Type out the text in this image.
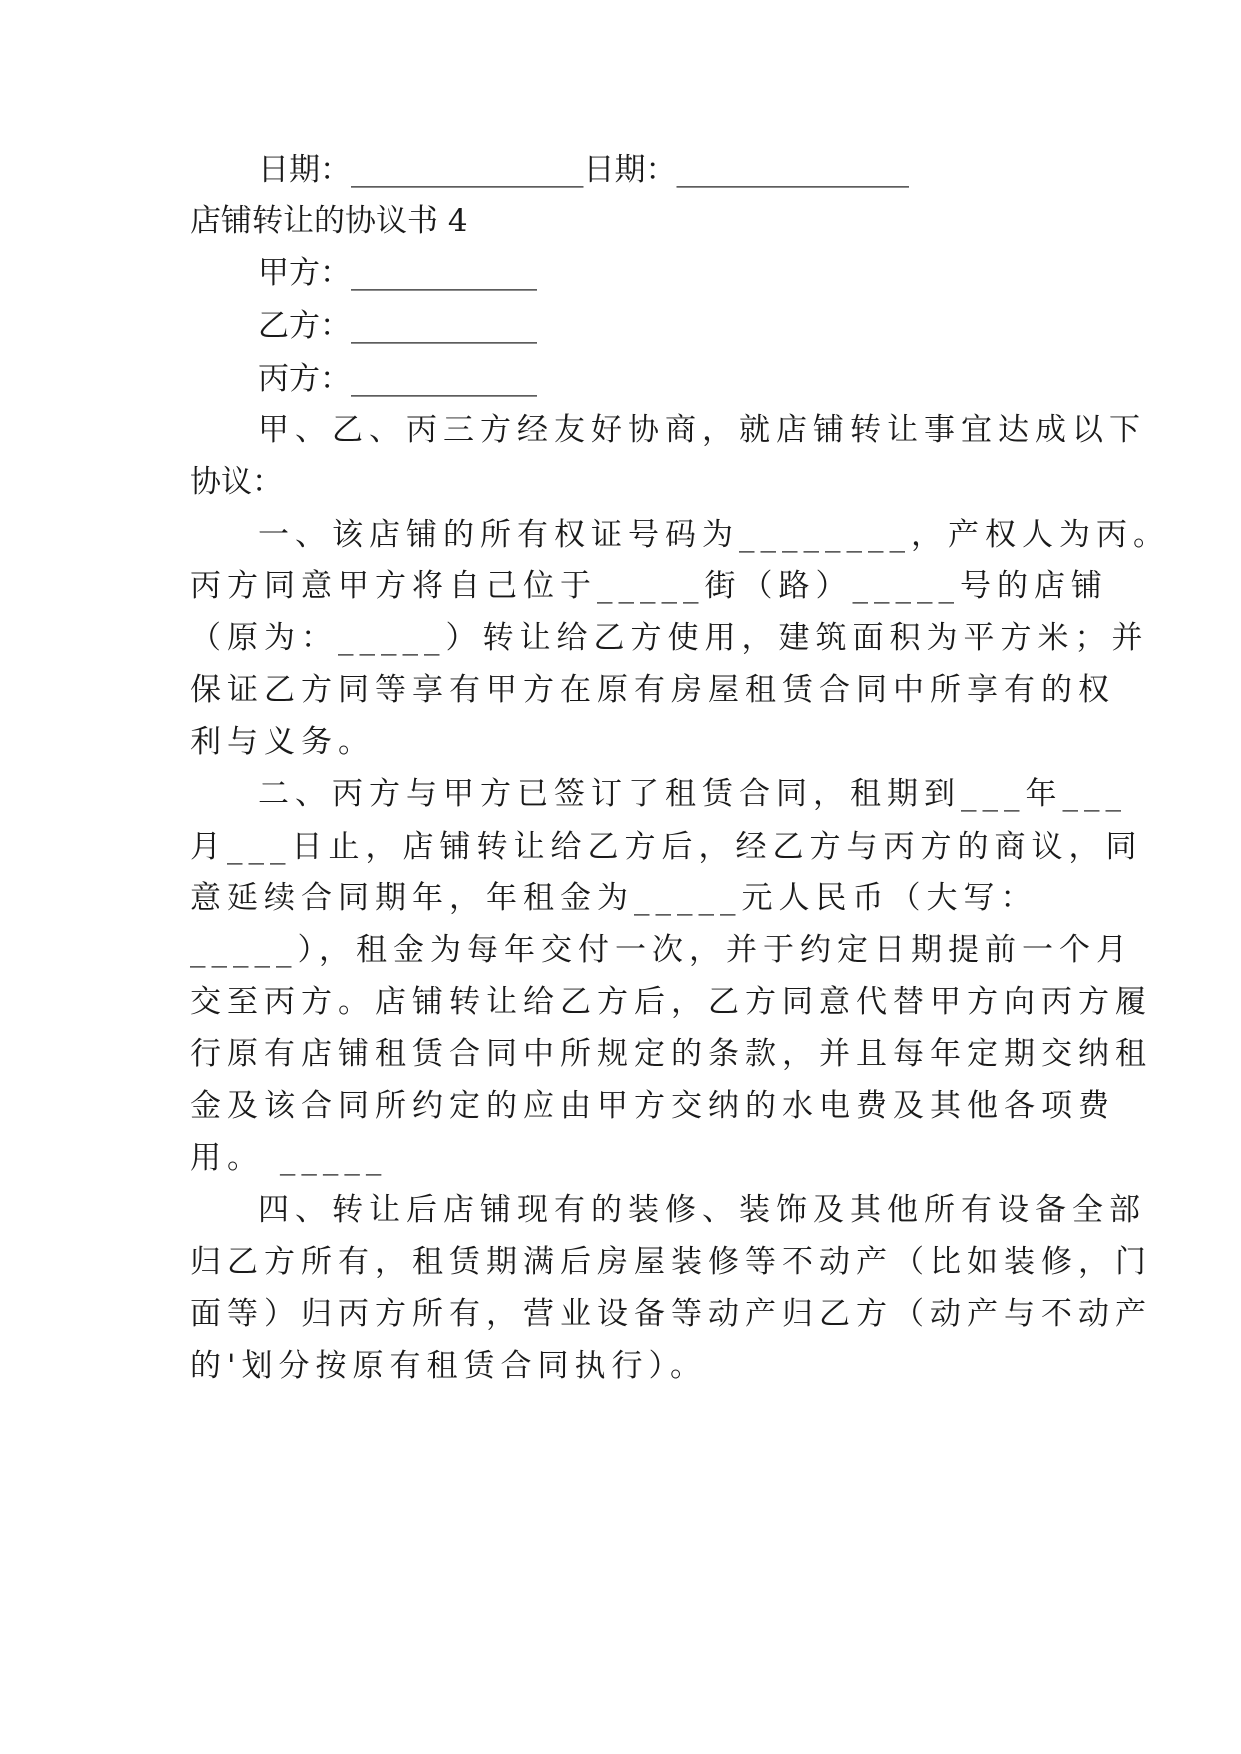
日期：_______________日期：_______________
店铺转让的协议书 4
甲方：____________
乙方：____________
丙方：____________
甲、乙、丙三方经友好协商，就店铺转让事宜达成以下
协议：
一、该店铺的所有权证号码为________，产权人为丙。
丙方同意甲方将自己位于_____街（路）_____号的店铺
（原为：_____）转让给乙方使用，建筑面积为平方米；并
保证乙方同等享有甲方在原有房屋租赁合同中所享有的权
利与义务。
二、丙方与甲方已签订了租赁合同，租期到___年___
月___日止，店铺转让给乙方后，经乙方与丙方的商议，同
意延续合同期年，年租金为_____元人民币（大写：
_____），租金为每年交付一次，并于约定日期提前一个月
交至丙方。店铺转让给乙方后，乙方同意代替甲方向丙方履
行原有店铺租赁合同中所规定的条款，并且每年定期交纳租
金及该合同所约定的应由甲方交纳的水电费及其他各项费
用。 _____
四、转让后店铺现有的装修、装饰及其他所有设备全部
归乙方所有，租赁期满后房屋装修等不动产（比如装修，门
面等）归丙方所有，营业设备等动产归乙方（动产与不动产
的'划分按原有租赁合同执行）。
